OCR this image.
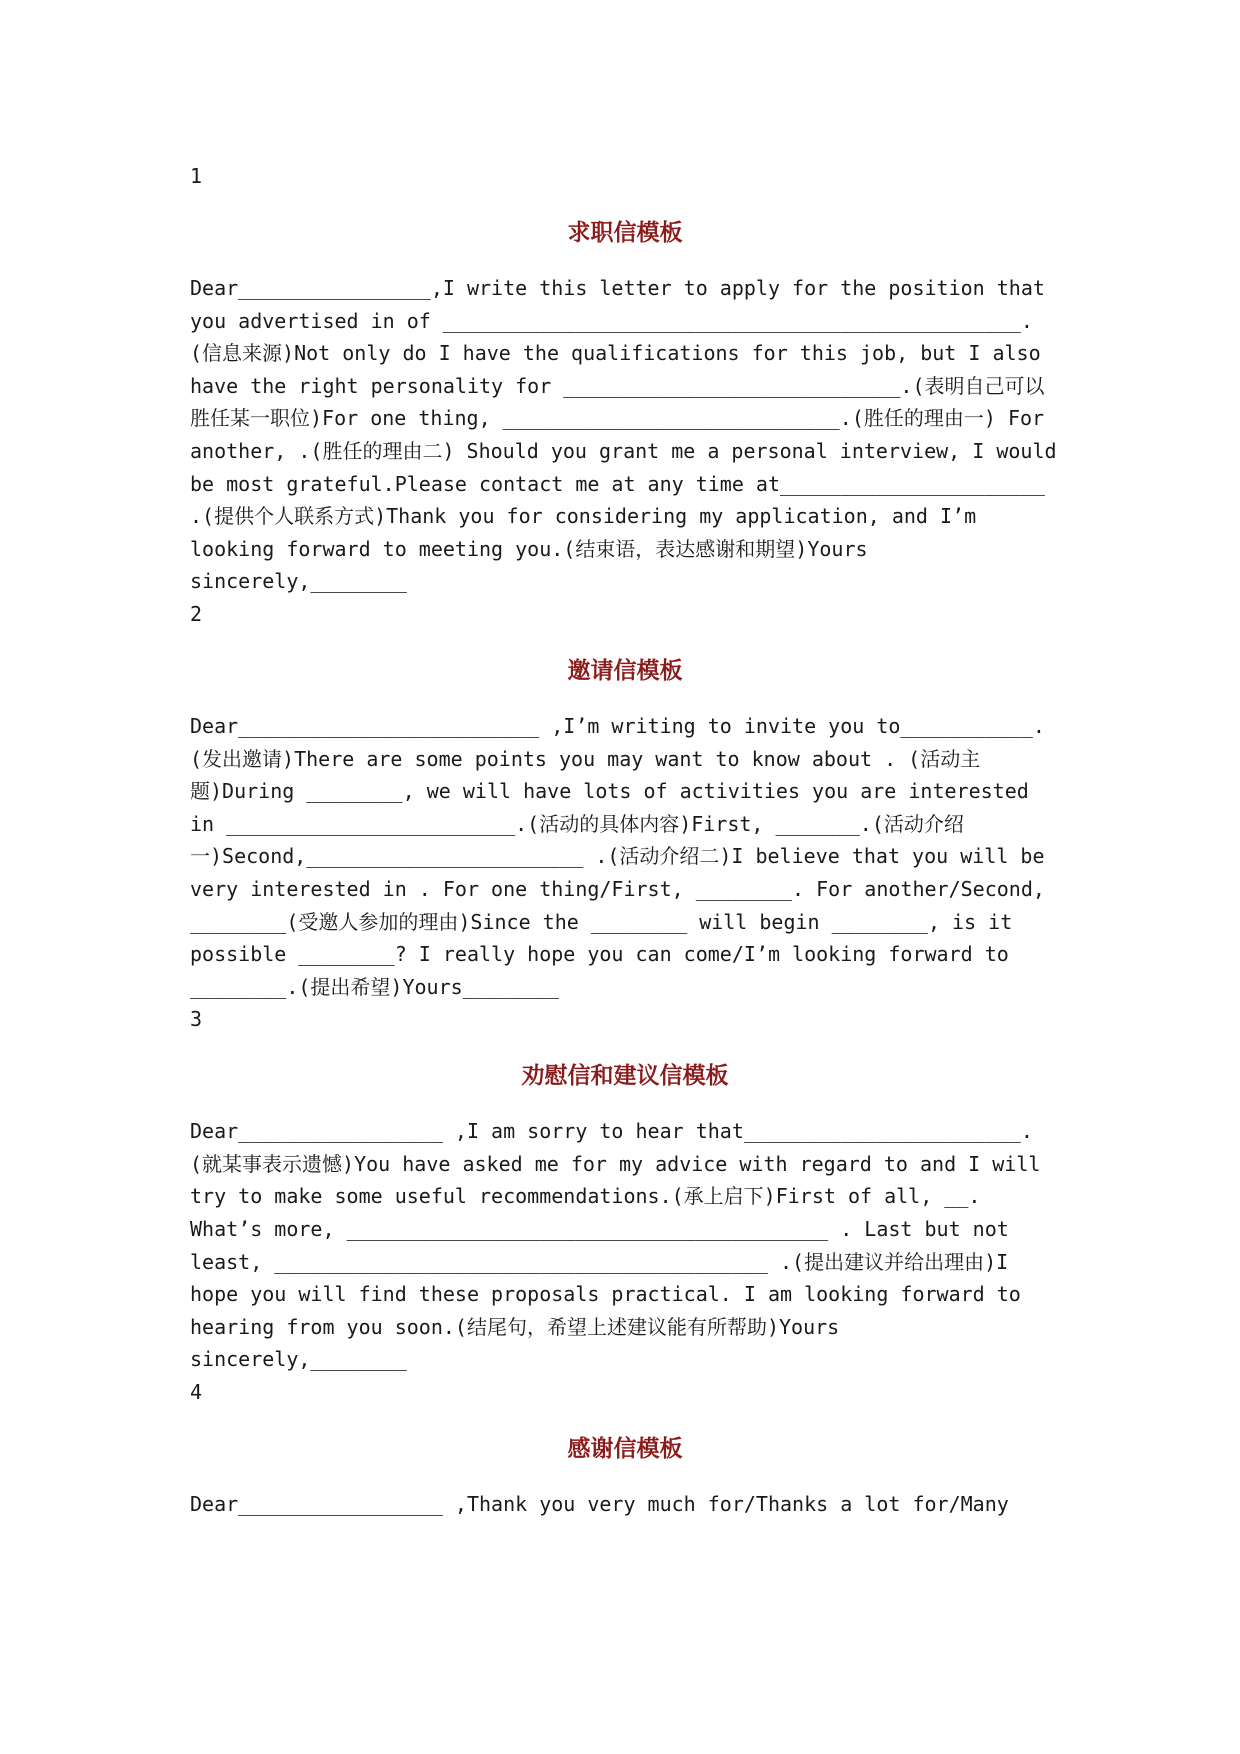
1
求职信模板
Dear________________,I write this letter to apply for the position that you advertised in of ________________________________________________.(信息来源)Not only do I have the qualifications for this job, but I also have the right personality for ____________________________.(表明自己可以胜任某一职位)For one thing, ____________________________.(胜任的理由一) For another, .(胜任的理由二) Should you grant me a personal interview, I would be most grateful.Please contact me at any time at______________________ .(提供个人联系方式)Thank you for considering my application, and I’m looking forward to meeting you.(结束语，表达感谢和期望)Yours sincerely,________
2
邀请信模板
Dear_________________________ ,I’m writing to invite you to___________.(发出邀请)There are some points you may want to know about . (活动主题)During ________, we will have lots of activities you are interested in ________________________.(活动的具体内容)First, _______.(活动介绍一)Second,_______________________ .(活动介绍二)I believe that you will be very interested in . For one thing/First, ________. For another/Second, ________(受邀人参加的理由)Since the ________ will begin ________, is it possible ________? I really hope you can come/I’m looking forward to ________.(提出希望)Yours________
3
劝慰信和建议信模板
Dear_________________ ,I am sorry to hear that_______________________.(就某事表示遗憾)You have asked me for my advice with regard to and I will try to make some useful recommendations.(承上启下)First of all, __. What’s more, ________________________________________ . Last but not least, _________________________________________ .(提出建议并给出理由)I hope you will find these proposals practical. I am looking forward to hearing from you soon.(结尾句，希望上述建议能有所帮助)Yours sincerely,________
4
感谢信模板
Dear_________________ ,Thank you very much for/Thanks a lot for/Many
